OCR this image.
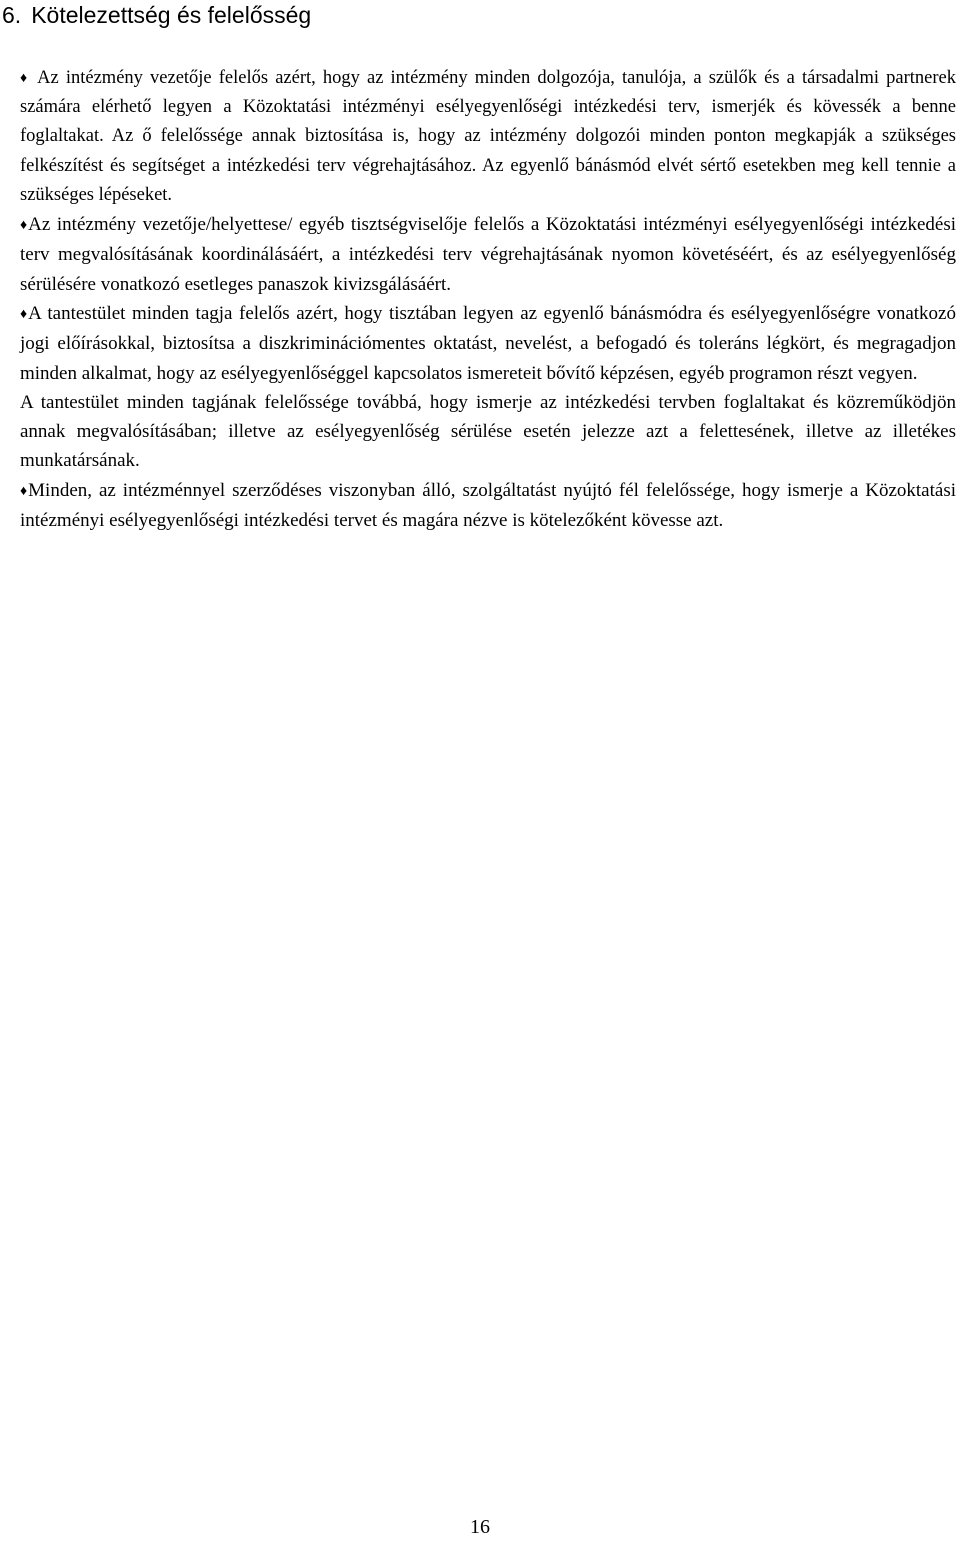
6. Kötelezettség és felelősség

♦ Az intézmény vezetője felelős azért, hogy az intézmény minden dolgozója, tanulója, a szülők és a társadalmi partnerek számára elérhető legyen a Közoktatási intézményi esélyegyenlőségi intézkedési terv, ismerjék és kövessék a benne foglaltakat. Az ő felelőssége annak biztosítása is, hogy az intézmény dolgozói minden ponton megkapják a szükséges felkészítést és segítséget a intézkedési terv végrehajtásához. Az egyenlő bánásmód elvét sértő esetekben meg kell tennie a szükséges lépéseket.

♦Az intézmény vezetője/helyettese/ egyéb tisztségviselője felelős a Közoktatási intézményi esélyegyenlőségi intézkedési terv megvalósításának koordinálásáért, a intézkedési terv végrehajtásának nyomon követéséért, és az esélyegyenlőség sérülésére vonatkozó esetleges panaszok kivizsgálásáért.

♦A tantestület minden tagja felelős azért, hogy tisztában legyen az egyenlő bánásmódra és esélyegyenlőségre vonatkozó jogi előírásokkal, biztosítsa a diszkriminációmentes oktatást, nevelést, a befogadó és toleráns légkört, és megragadjon minden alkalmat, hogy az esélyegyenlőséggel kapcsolatos ismereteit bővítő képzésen, egyéb programon részt vegyen.

A tantestület minden tagjának felelőssége továbbá, hogy ismerje az intézkedési tervben foglaltakat és közreműködjön annak megvalósításában; illetve az esélyegyenlőség sérülése esetén jelezze azt a felettesének, illetve az illetékes munkatársának.

♦Minden, az intézménnyel szerződéses viszonyban álló, szolgáltatást nyújtó fél felelőssége, hogy ismerje a Közoktatási intézményi esélyegyenlőségi intézkedési tervet és magára nézve is kötelezőként kövesse azt.

16
